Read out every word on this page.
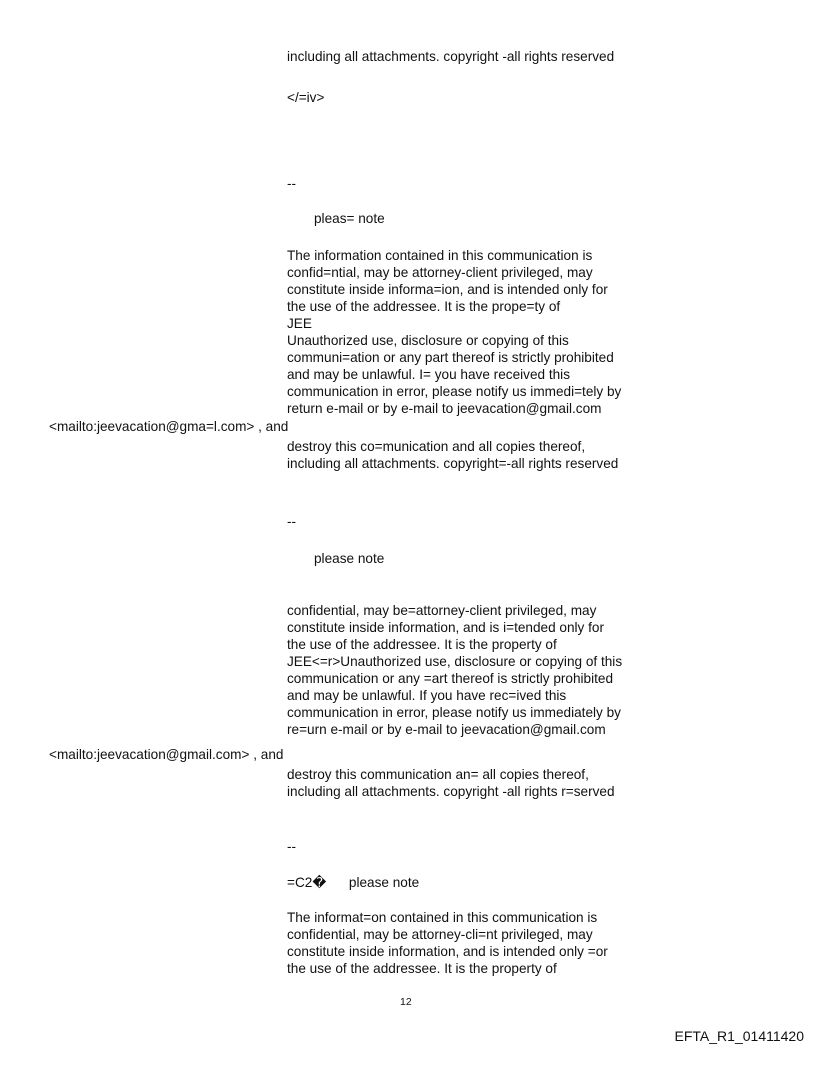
including all attachments. copyright -all rights reserved
</=iv>
--
pleas= note
The information contained in this communication is
confid=ntial, may be attorney-client privileged, may
constitute inside informa=ion, and is intended only for
the use of the addressee. It is the prope=ty of
JEE
Unauthorized use, disclosure or copying of this
communi=ation or any part thereof is strictly prohibited
and may be unlawful. I= you have received this
communication in error, please notify us immedi=tely by
return e-mail or by e-mail to jeevacation@gmail.com
<mailto:jeevacation@gma=l.com> , and
destroy this co=munication and all copies thereof,
including all attachments. copyright=-all rights reserved
--
please note
confidential, may be=attorney-client privileged, may
constitute inside information, and is i=tended only for
the use of the addressee. It is the property of
JEE<=r>Unauthorized use, disclosure or copying of this
communication or any =art thereof is strictly prohibited
and may be unlawful. If you have rec=ived this
communication in error, please notify us immediately by
re=urn e-mail or by e-mail to jeevacation@gmail.com
<mailto:jeevacation@gmail.com> , and
destroy this communication an= all copies thereof,
including all attachments. copyright -all rights r=served
--
=C2�      please note
The informat=on contained in this communication is
confidential, may be attorney-cli=nt privileged, may
constitute inside information, and is intended only =or
the use of the addressee. It is the property of
12
EFTA_R1_01411420
